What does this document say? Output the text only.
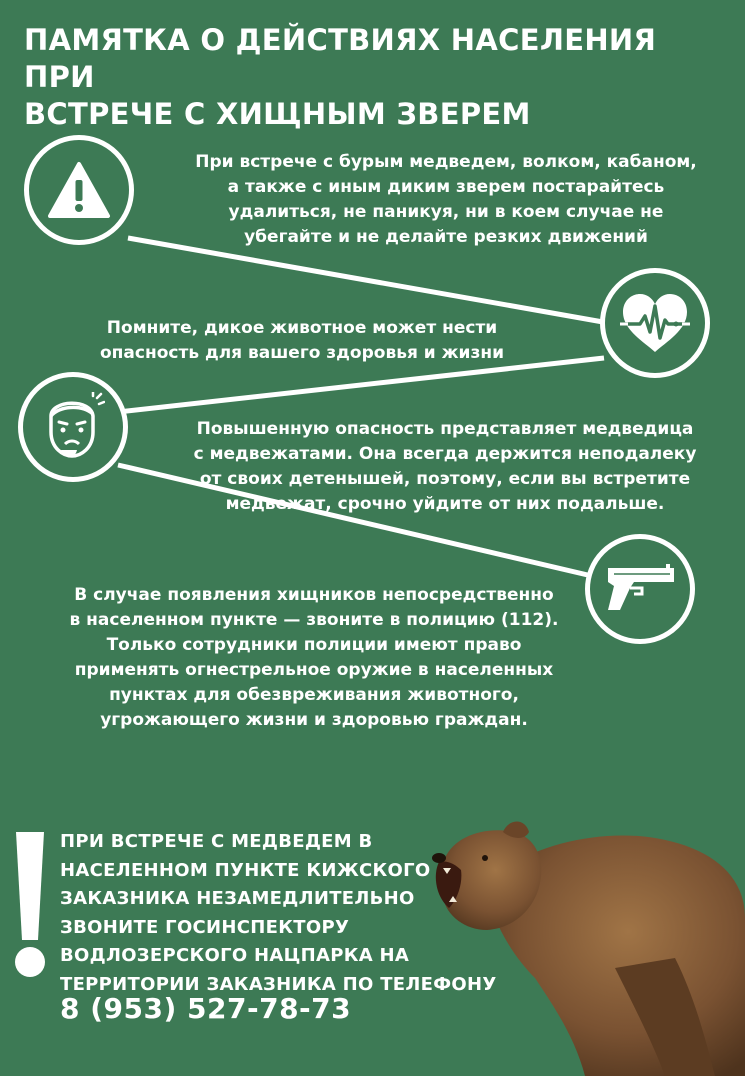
ПАМЯТКА О ДЕЙСТВИЯХ НАСЕЛЕНИЯ ПРИ
ВСТРЕЧЕ С ХИЩНЫМ ЗВЕРЕМ
При встрече с бурым медведем, волком, кабаном,
а также с иным диким зверем постарайтесь
удалиться, не паникуя, ни в коем случае не
убегайте и не делайте резких движений
Помните, дикое животное может нести
опасность для вашего здоровья и жизни
Повышенную опасность представляет медведица
с медвежатами. Она всегда держится неподалеку
от своих детенышей, поэтому, если вы встретите
медвежат, срочно уйдите от них подальше.
В случае появления хищников непосредственно
в населенном пункте — звоните в полицию (112).
Только сотрудники полиции имеют право
применять огнестрельное оружие в населенных
пунктах для обезвреживания животного,
угрожающего жизни и здоровью граждан.
ПРИ ВСТРЕЧЕ С МЕДВЕДЕМ В
НАСЕЛЕННОМ ПУНКТЕ КИЖСКОГО
ЗАКАЗНИКА НЕЗАМЕДЛИТЕЛЬНО
ЗВОНИТЕ ГОСИНСПЕКТОРУ
ВОДЛОЗЕРСКОГО НАЦПАРКА НА
ТЕРРИТОРИИ ЗАКАЗНИКА ПО ТЕЛЕФОНУ
8 (953) 527-78-73
